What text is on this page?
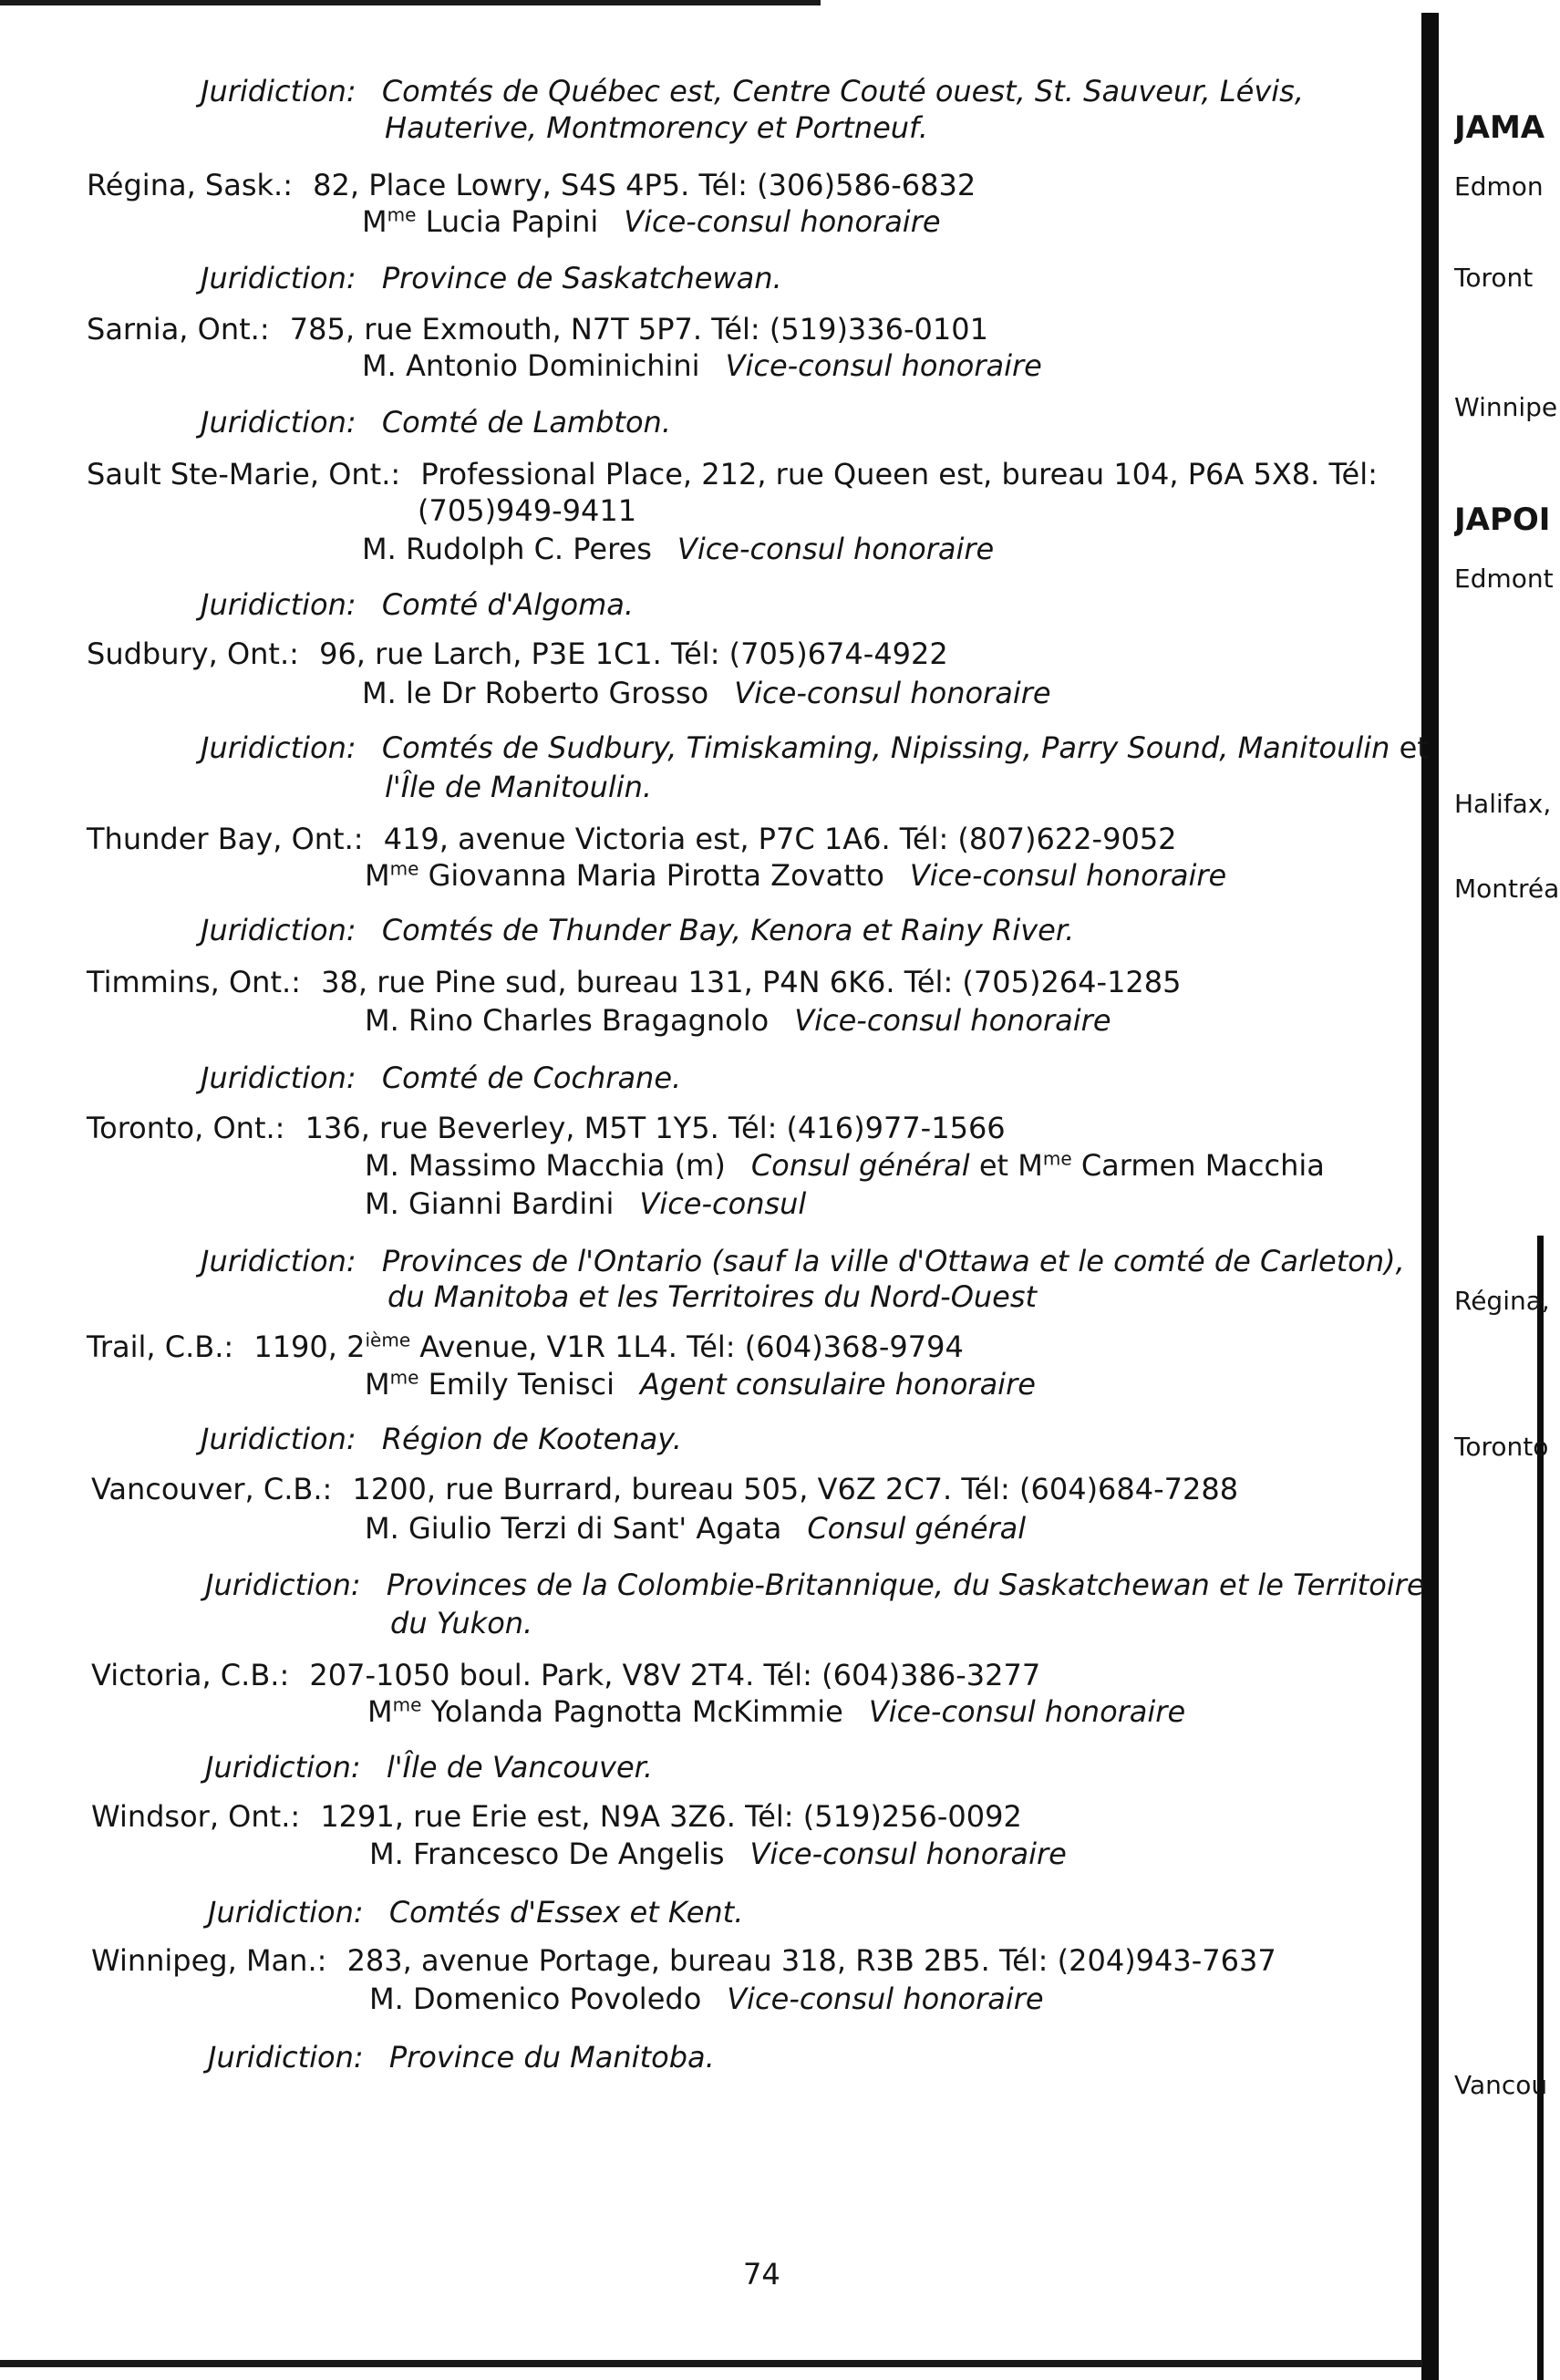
Juridiction: Comtés de Québec est, Centre Couté ouest, St. Sauveur, Lévis,
Hauterive, Montmorency et Portneuf.
Régina, Sask.: 82, Place Lowry, S4S 4P5. Tél: (306)586-6832
$M^{me}$ Lucia Papini Vice-consul honoraire
Juridiction: Province de Saskatchewan.
Sarnia, Ont.: 785, rue Exmouth, N7T 5P7. Tél: (519)336-0101
M. Antonio Dominichini Vice-consul honoraire
Juridiction: Comté de Lambton.
Sault Ste-Marie, Ont.: Professional Place, 212, rue Queen est, bureau 104, P6A 5X8. Tél:
(705)949-9411
M. Rudolph C. Peres Vice-consul honoraire
Juridiction: Comté d'Algoma.
Sudbury, Ont.: 96, rue Larch, P3E 1C1. Tél: (705)674-4922
M. le Dr Roberto Grosso Vice-consul honoraire
Juridiction: Comtés de Sudbury, Timiskaming, Nipissing, Parry Sound, Manitoulin et
l'Île de Manitoulin.
Thunder Bay, Ont.: 419, avenue Victoria est, P7C 1A6. Tél: (807)622-9052
$M^{me}$ Giovanna Maria Pirotta Zovatto Vice-consul honoraire
Juridiction: Comtés de Thunder Bay, Kenora et Rainy River.
Timmins, Ont.: 38, rue Pine sud, bureau 131, P4N 6K6. Tél: (705)264-1285
M. Rino Charles Bragagnolo Vice-consul honoraire
Juridiction: Comté de Cochrane.
Toronto, Ont.: 136, rue Beverley, M5T 1Y5. Tél: (416)977-1566
M. Massimo Macchia (m) Consul général et $M^{me}$ Carmen Macchia
M. Gianni Bardini Vice-consul
Juridiction: Provinces de l'Ontario (sauf la ville d'Ottawa et le comté de Carleton),
du Manitoba et les Territoires du Nord-Ouest
Trail, C.B.: 1190, 2ième Avenue, V1R 1L4. Tél: (604)368-9794
$M^{me}$ Emily Tenisci Agent consulaire honoraire
Juridiction: Région de Kootenay.
Vancouver, C.B.: 1200, rue Burrard, bureau 505, V6Z 2C7. Tél: (604)684-7288
M. Giulio Terzi di Sant' Agata Consul général
Juridiction: Provinces de la Colombie-Britannique, du Saskatchewan et le Territoire
du Yukon.
Victoria, C.B.: 207-1050 boul. Park, V8V 2T4. Tél: (604)386-3277
$M^{me}$ Yolanda Pagnotta McKimmie Vice-consul honoraire
Juridiction: l'Île de Vancouver.
Windsor, Ont.: 1291, rue Erie est, N9A 3Z6. Tél: (519)256-0092
M. Francesco De Angelis Vice-consul honoraire
Juridiction: Comtés d'Essex et Kent.
Winnipeg, Man.: 283, avenue Portage, bureau 318, R3B 2B5. Tél: (204)943-7637
M. Domenico Povoledo Vice-consul honoraire
Juridiction: Province du Manitoba.
74
JAMA
Edmon
Toront
Winnipe
JAPOI
Edmont
Halifax,
Montréa
Régina,
Toronto
Vancou
